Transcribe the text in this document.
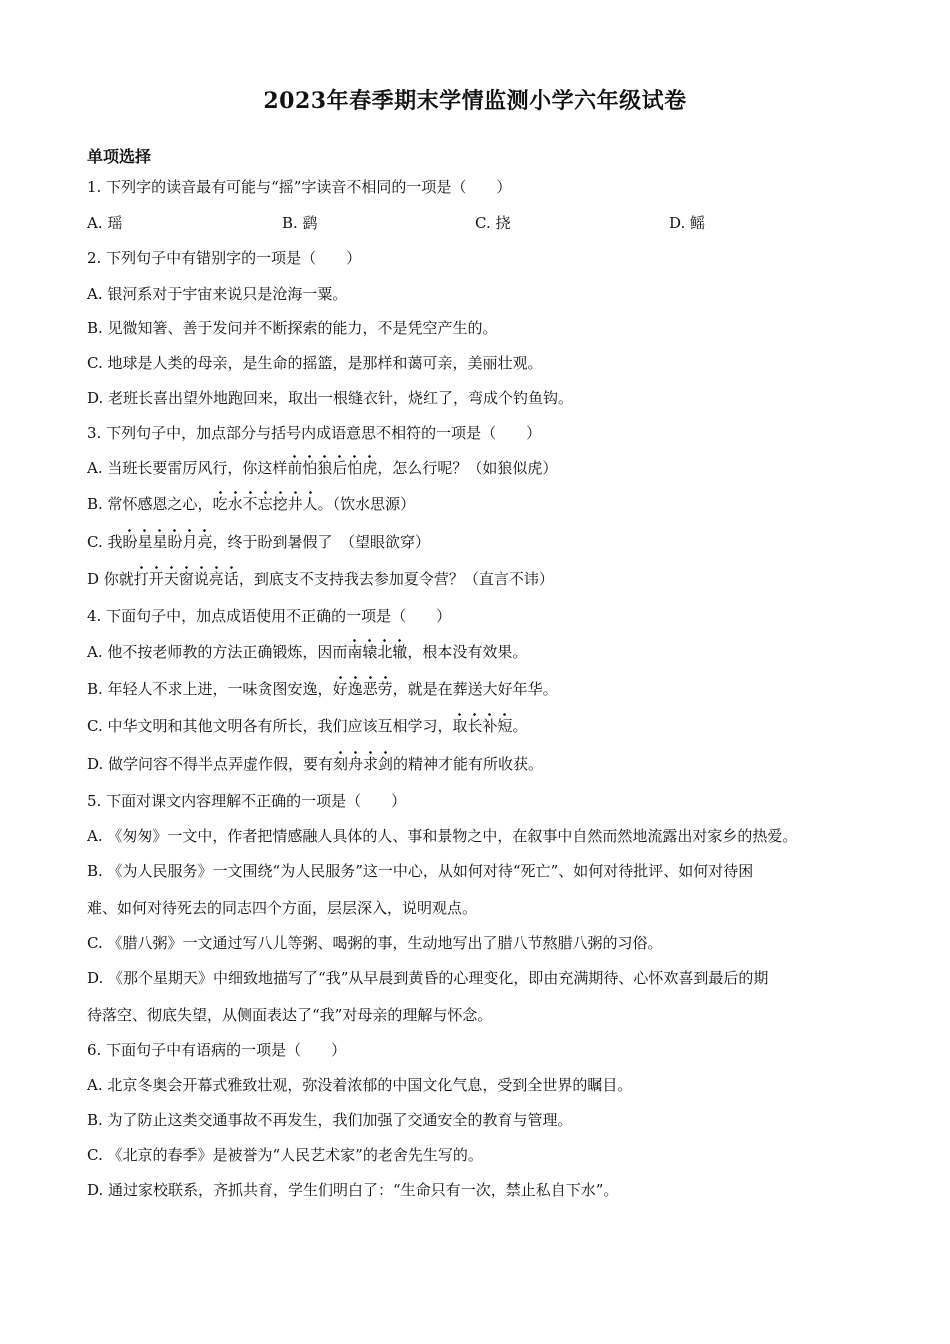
2023年春季期末学情监测小学六年级试卷
单项选择
1. 下列字的读音最有可能与“摇”字读音不相同的一项是（　　）
A. 瑶	B. 鹞	C. 挠	D. 鳐
2. 下列句子中有错别字的一项是（　　）
A. 银河系对于宇宙来说只是沧海一粟。
B. 见微知箸、善于发问并不断探索的能力，不是凭空产生的。
C. 地球是人类的母亲，是生命的摇篮，是那样和蔼可亲，美丽壮观。
D. 老班长喜出望外地跑回来，取出一根缝衣针，烧红了，弯成个钓鱼钩。
3. 下列句子中，加点部分与括号内成语意思不相符的一项是（　　）
A. 当班长要雷厉风行，你这样前怕狼后怕虎，怎么行呢？（如狼似虎）
B. 常怀感恩之心，吃水不忘挖井人。（饮水思源）
C. 我盼星星盼月亮，终于盼到暑假了　（望眼欲穿）
D 你就打开天窗说亮话，到底支不支持我去参加夏令营？（直言不讳）
4. 下面句子中，加点成语使用不正确的一项是（　　）
A. 他不按老师教的方法正确锻炼，因而南辕北辙，根本没有效果。
B. 年轻人不求上进，一味贪图安逸，好逸恶劳，就是在葬送大好年华。
C. 中华文明和其他文明各有所长，我们应该互相学习，取长补短。
D. 做学问容不得半点弄虚作假，要有刻舟求剑的精神才能有所收获。
5. 下面对课文内容理解不正确的一项是（　　）
A. 《匆匆》一文中，作者把情感融人具体的人、事和景物之中，在叙事中自然而然地流露出对家乡的热爱。
B. 《为人民服务》一文围绕“为人民服务”这一中心，从如何对待“死亡”、如何对待批评、如何对待困
难、如何对待死去的同志四个方面，层层深入，说明观点。
C. 《腊八粥》一文通过写八儿等粥、喝粥的事，生动地写出了腊八节熬腊八粥的习俗。
D. 《那个星期天》中细致地描写了“我”从早晨到黄昏的心理变化，即由充满期待、心怀欢喜到最后的期
待落空、彻底失望，从侧面表达了“我”对母亲的理解与怀念。
6. 下面句子中有语病的一项是（　　）
A. 北京冬奥会开幕式雅致壮观，弥没着浓郁的中国文化气息，受到全世界的瞩目。
B. 为了防止这类交通事故不再发生，我们加强了交通安全的教育与管理。
C. 《北京的春季》是被誉为“人民艺术家”的老舍先生写的。
D. 通过家校联系，齐抓共育，学生们明白了：“生命只有一次，禁止私自下水”。
